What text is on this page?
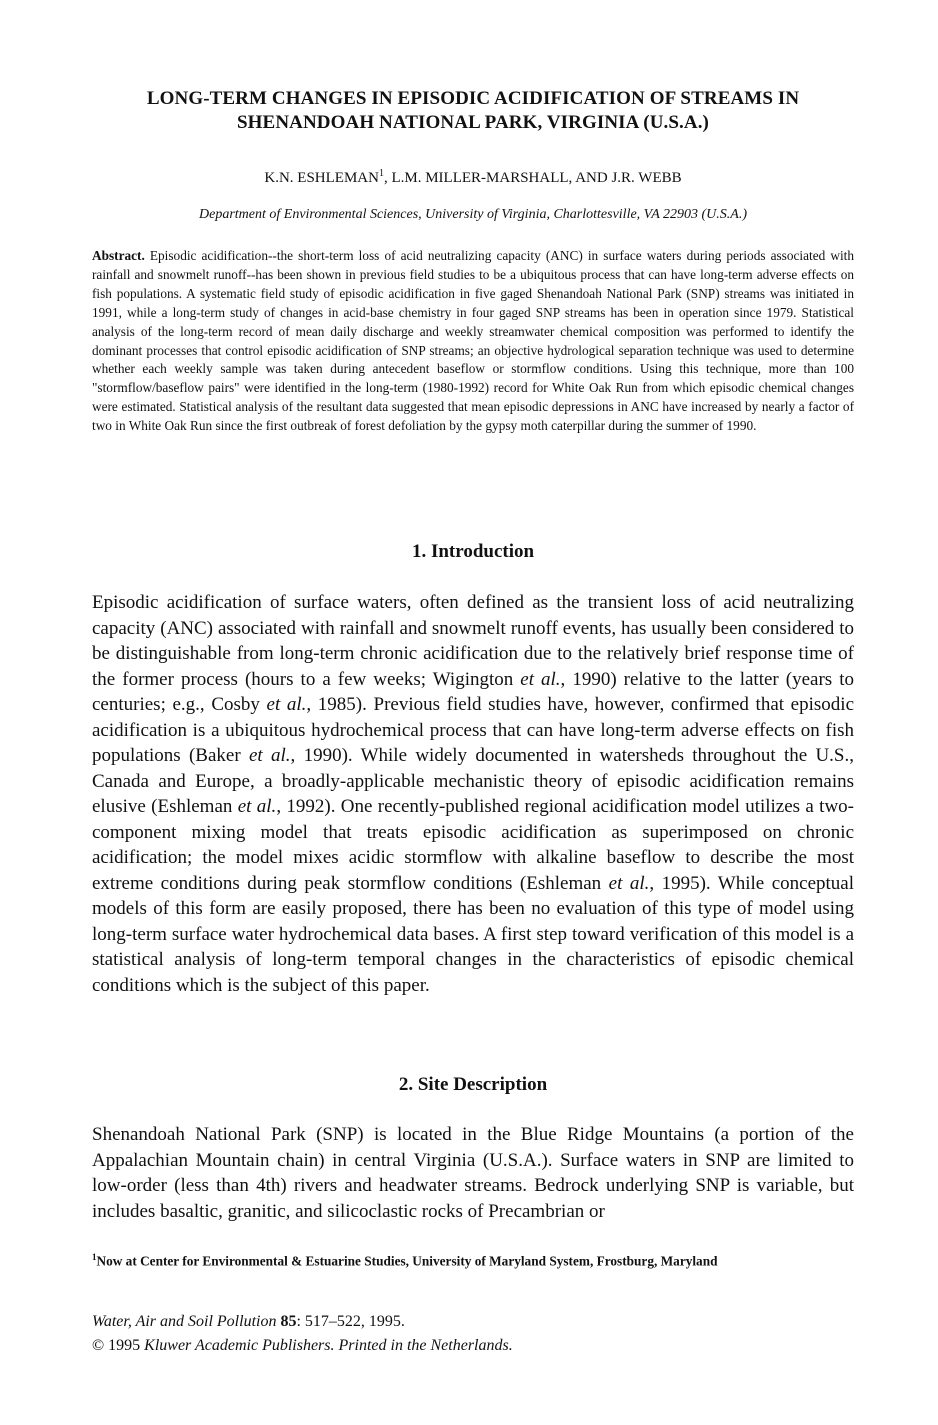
LONG-TERM CHANGES IN EPISODIC ACIDIFICATION OF STREAMS IN
SHENANDOAH NATIONAL PARK, VIRGINIA (U.S.A.)
K.N. ESHLEMAN$^1$, L.M. MILLER-MARSHALL, AND J.R. WEBB
Department of Environmental Sciences, University of Virginia, Charlottesville, VA 22903 (U.S.A.)
Abstract. Episodic acidification--the short-term loss of acid neutralizing capacity (ANC) in surface waters during periods associated with rainfall and snowmelt runoff--has been shown in previous field studies to be a ubiquitous process that can have long-term adverse effects on fish populations. A systematic field study of episodic acidification in five gaged Shenandoah National Park (SNP) streams was initiated in 1991, while a long-term study of changes in acid-base chemistry in four gaged SNP streams has been in operation since 1979. Statistical analysis of the long-term record of mean daily discharge and weekly streamwater chemical composition was performed to identify the dominant processes that control episodic acidification of SNP streams; an objective hydrological separation technique was used to determine whether each weekly sample was taken during antecedent baseflow or stormflow conditions. Using this technique, more than 100 "stormflow/baseflow pairs" were identified in the long-term (1980-1992) record for White Oak Run from which episodic chemical changes were estimated. Statistical analysis of the resultant data suggested that mean episodic depressions in ANC have increased by nearly a factor of two in White Oak Run since the first outbreak of forest defoliation by the gypsy moth caterpillar during the summer of 1990.
1. Introduction
Episodic acidification of surface waters, often defined as the transient loss of acid neutralizing capacity (ANC) associated with rainfall and snowmelt runoff events, has usually been considered to be distinguishable from long-term chronic acidification due to the relatively brief response time of the former process (hours to a few weeks; Wigington et al., 1990) relative to the latter (years to centuries; e.g., Cosby et al., 1985). Previous field studies have, however, confirmed that episodic acidification is a ubiquitous hydrochemical process that can have long-term adverse effects on fish populations (Baker et al., 1990). While widely documented in watersheds throughout the U.S., Canada and Europe, a broadly-applicable mechanistic theory of episodic acidification remains elusive (Eshleman et al., 1992). One recently-published regional acidification model utilizes a two-component mixing model that treats episodic acidification as superimposed on chronic acidification; the model mixes acidic stormflow with alkaline baseflow to describe the most extreme conditions during peak stormflow conditions (Eshleman et al., 1995). While conceptual models of this form are easily proposed, there has been no evaluation of this type of model using long-term surface water hydrochemical data bases. A first step toward verification of this model is a statistical analysis of long-term temporal changes in the characteristics of episodic chemical conditions which is the subject of this paper.
2. Site Description
Shenandoah National Park (SNP) is located in the Blue Ridge Mountains (a portion of the Appalachian Mountain chain) in central Virginia (U.S.A.). Surface waters in SNP are limited to low-order (less than 4th) rivers and headwater streams. Bedrock underlying SNP is variable, but includes basaltic, granitic, and silicoclastic rocks of Precambrian or
$^1$Now at Center for Environmental & Estuarine Studies, University of Maryland System, Frostburg, Maryland
Water, Air and Soil Pollution 85: 517–522, 1995.
© 1995 Kluwer Academic Publishers. Printed in the Netherlands.
